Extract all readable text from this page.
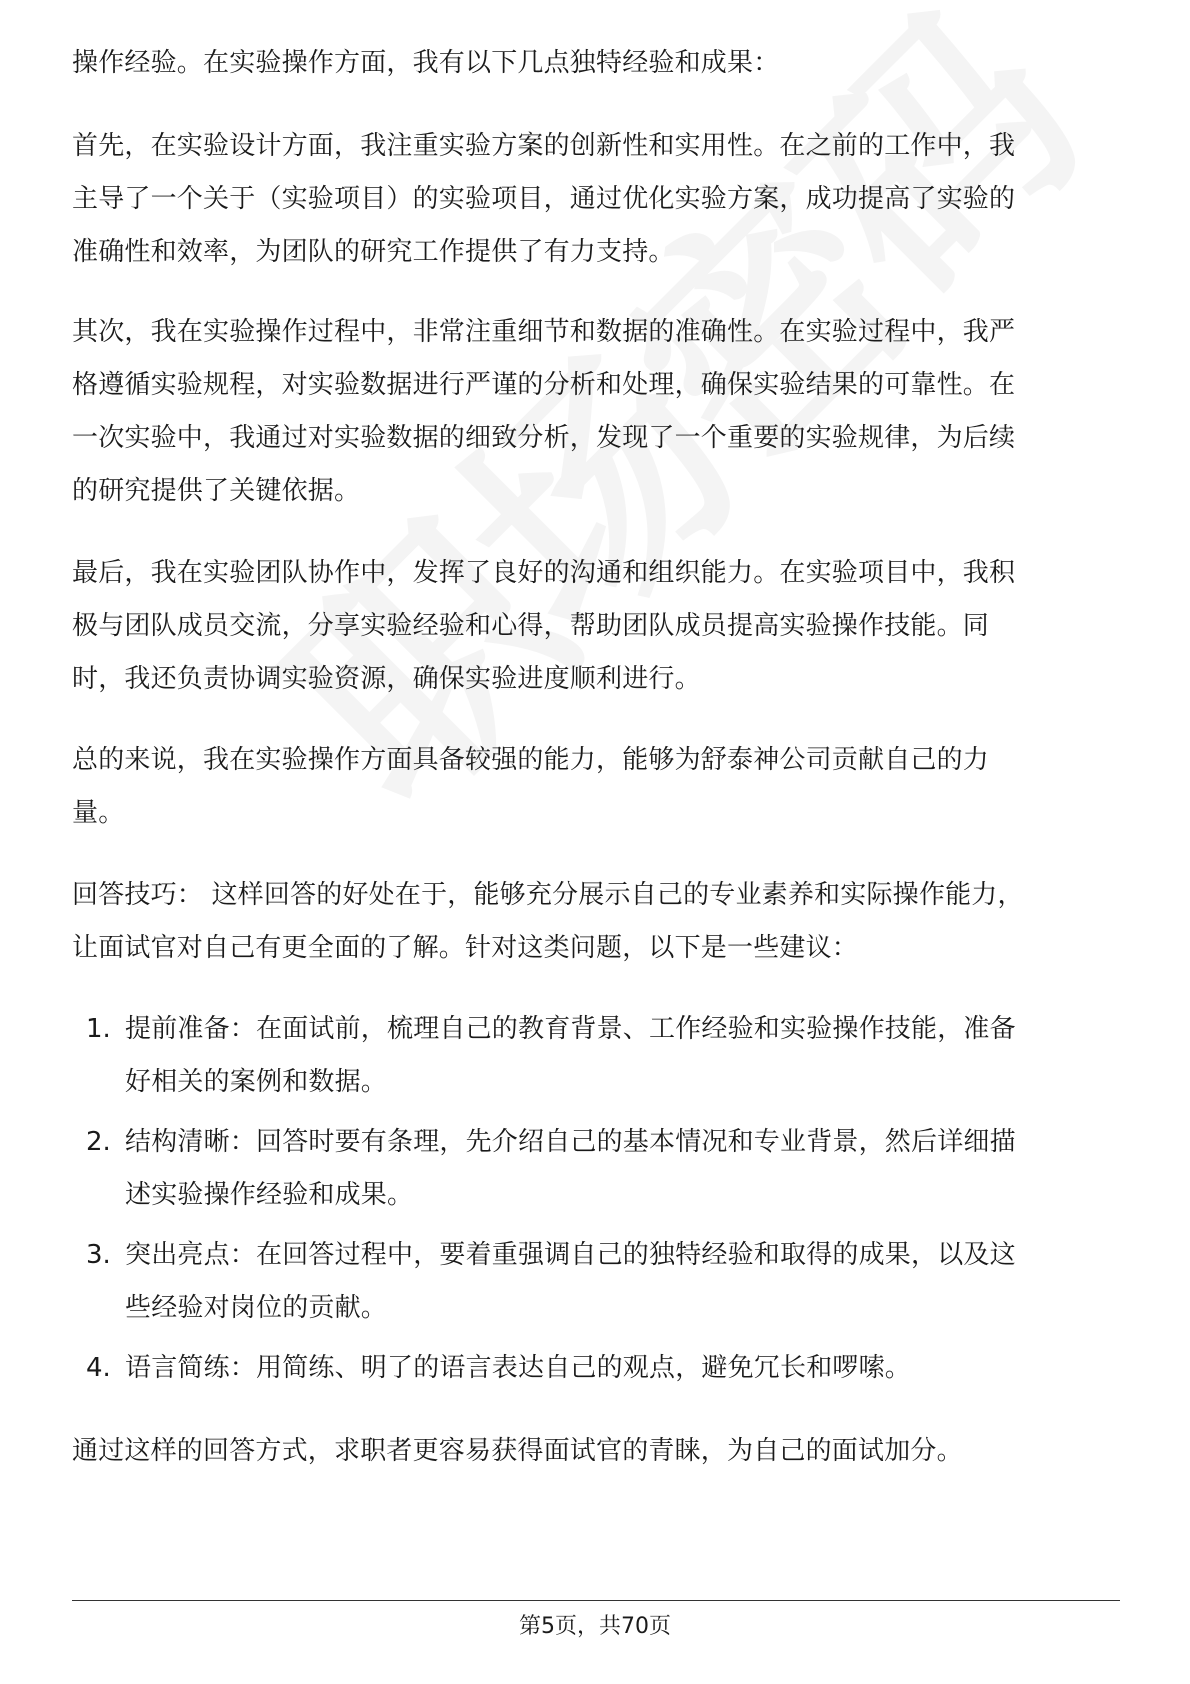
操作经验。在实验操作方面，我有以下几点独特经验和成果：
首先，在实验设计方面，我注重实验方案的创新性和实用性。在之前的工作中，我
主导了一个关于（实验项目）的实验项目，通过优化实验方案，成功提高了实验的
准确性和效率，为团队的研究工作提供了有力支持。
其次，我在实验操作过程中，非常注重细节和数据的准确性。在实验过程中，我严
格遵循实验规程，对实验数据进行严谨的分析和处理，确保实验结果的可靠性。在
一次实验中，我通过对实验数据的细致分析，发现了一个重要的实验规律，为后续
的研究提供了关键依据。
最后，我在实验团队协作中，发挥了良好的沟通和组织能力。在实验项目中，我积
极与团队成员交流，分享实验经验和心得，帮助团队成员提高实验操作技能。同
时，我还负责协调实验资源，确保实验进度顺利进行。
总的来说，我在实验操作方面具备较强的能力，能够为舒泰神公司贡献自己的力
量。
回答技巧： 这样回答的好处在于，能够充分展示自己的专业素养和实际操作能力，
让面试官对自己有更全面的了解。针对这类问题，以下是一些建议：
1. 提前准备：在面试前，梳理自己的教育背景、工作经验和实验操作技能，准备
好相关的案例和数据。
2. 结构清晰：回答时要有条理，先介绍自己的基本情况和专业背景，然后详细描
述实验操作经验和成果。
3. 突出亮点：在回答过程中，要着重强调自己的独特经验和取得的成果，以及这
些经验对岗位的贡献。
4. 语言简练：用简练、明了的语言表达自己的观点，避免冗长和啰嗦。
通过这样的回答方式，求职者更容易获得面试官的青睐，为自己的面试加分。
第5页，共70页
